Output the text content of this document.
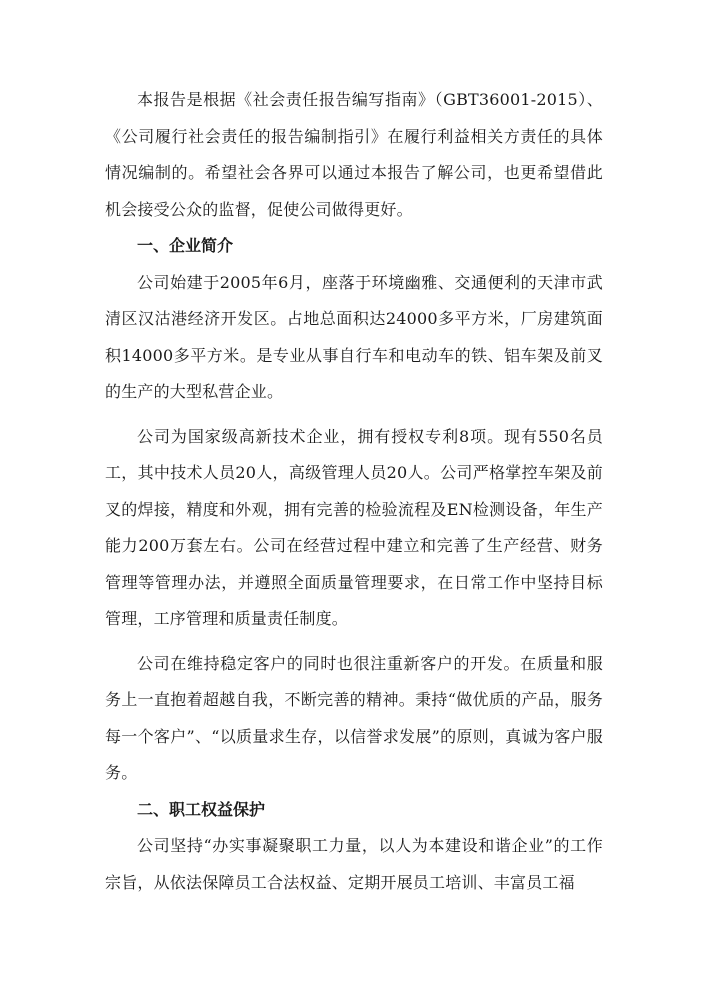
本报告是根据《社会责任报告编写指南》（GBT36001-2015）、《公司履行社会责任的报告编制指引》在履行利益相关方责任的具体情况编制的。希望社会各界可以通过本报告了解公司，也更希望借此机会接受公众的监督，促使公司做得更好。

一、企业简介

公司始建于2005年6月，座落于环境幽雅、交通便利的天津市武清区汉沽港经济开发区。占地总面积达24000多平方米，厂房建筑面积14000多平方米。是专业从事自行车和电动车的铁、铝车架及前叉的生产的大型私营企业。

公司为国家级高新技术企业，拥有授权专利8项。现有550名员工，其中技术人员20人，高级管理人员20人。公司严格掌控车架及前叉的焊接，精度和外观，拥有完善的检验流程及EN检测设备，年生产能力200万套左右。公司在经营过程中建立和完善了生产经营、财务管理等管理办法，并遵照全面质量管理要求，在日常工作中坚持目标管理，工序管理和质量责任制度。

公司在维持稳定客户的同时也很注重新客户的开发。在质量和服务上一直抱着超越自我，不断完善的精神。秉持“做优质的产品，服务每一个客户”、“以质量求生存，以信誉求发展”的原则，真诚为客户服务。

二、职工权益保护

公司坚持“办实事凝聚职工力量，以人为本建设和谐企业”的工作宗旨，从依法保障员工合法权益、定期开展员工培训、丰富员工福
